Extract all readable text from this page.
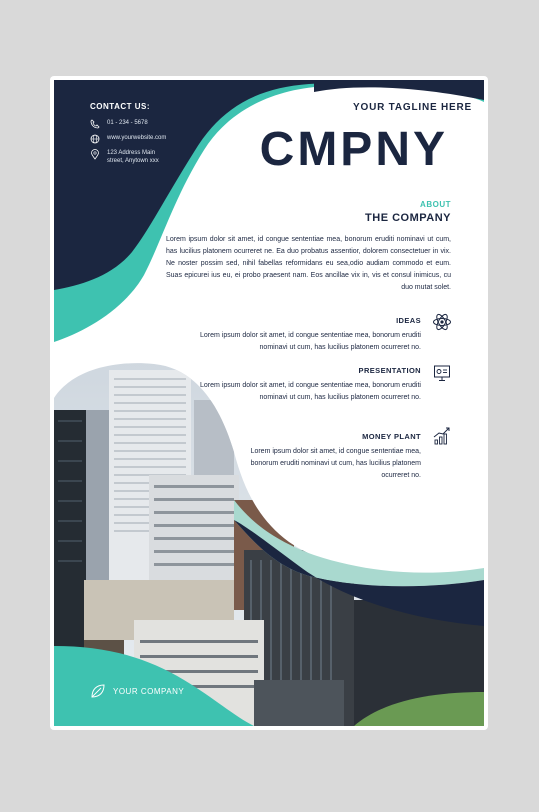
CONTACT US:

01 - 234 - 5678
www.yourwebsite.com
123 Address Main
street, Anytown xxx

YOUR TAGLINE HERE

CMPNY

ABOUT

THE COMPANY

Lorem ipsum dolor sit amet, id congue sententiae mea, bonorum eruditi nominavi ut cum, has lucilius platonem ocurreret ne. Ea duo probatus assentior, dolorem consectetuer in vix. Ne noster possim sed, nihil fabellas reformidans eu sea,odio audiam commodo et eum. Suas epicurei ius eu, ei probo praesent nam. Eos ancillae vix in, vis et consul inimicus, cu duo mutat solet.

IDEAS
Lorem ipsum dolor sit amet, id congue sententiae mea, bonorum eruditi nominavi ut cum, has lucilius platonem ocurreret no.
PRESENTATION
Lorem ipsum dolor sit amet, id congue sententiae mea, bonorum eruditi nominavi ut cum, has lucilius platonem ocurreret no.
MONEY PLANT
Lorem ipsum dolor sit amet, id congue sententiae mea, bonorum eruditi nominavi ut cum, has lucilius platonem ocurreret no.
YOUR COMPANY
